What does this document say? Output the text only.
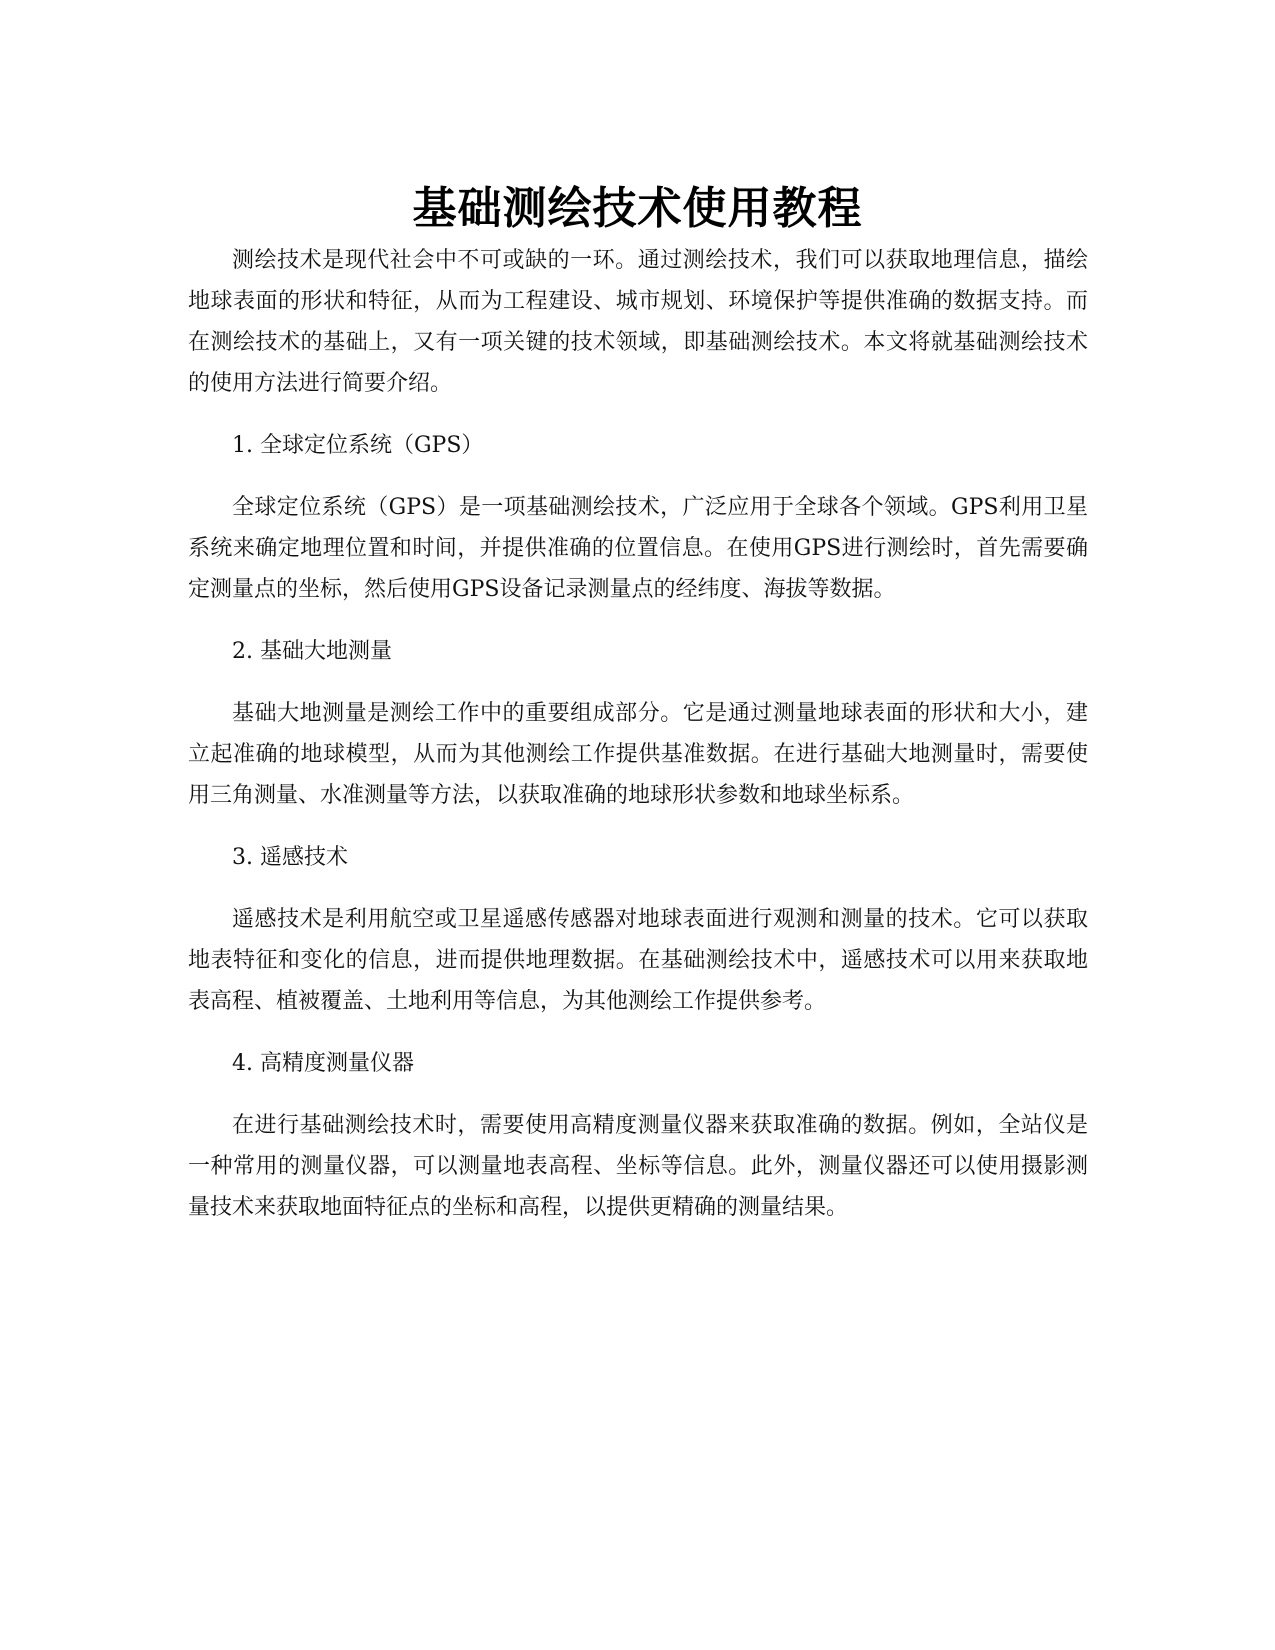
基础测绘技术使用教程

测绘技术是现代社会中不可或缺的一环。通过测绘技术，我们可以获取地理信息，描绘地球表面的形状和特征，从而为工程建设、城市规划、环境保护等提供准确的数据支持。而在测绘技术的基础上，又有一项关键的技术领域，即基础测绘技术。本文将就基础测绘技术的使用方法进行简要介绍。

1. 全球定位系统（GPS）

全球定位系统（GPS）是一项基础测绘技术，广泛应用于全球各个领域。GPS利用卫星系统来确定地理位置和时间，并提供准确的位置信息。在使用GPS进行测绘时，首先需要确定测量点的坐标，然后使用GPS设备记录测量点的经纬度、海拔等数据。

2. 基础大地测量

基础大地测量是测绘工作中的重要组成部分。它是通过测量地球表面的形状和大小，建立起准确的地球模型，从而为其他测绘工作提供基准数据。在进行基础大地测量时，需要使用三角测量、水准测量等方法，以获取准确的地球形状参数和地球坐标系。

3. 遥感技术

遥感技术是利用航空或卫星遥感传感器对地球表面进行观测和测量的技术。它可以获取地表特征和变化的信息，进而提供地理数据。在基础测绘技术中，遥感技术可以用来获取地表高程、植被覆盖、土地利用等信息，为其他测绘工作提供参考。

4. 高精度测量仪器

在进行基础测绘技术时，需要使用高精度测量仪器来获取准确的数据。例如，全站仪是一种常用的测量仪器，可以测量地表高程、坐标等信息。此外，测量仪器还可以使用摄影测量技术来获取地面特征点的坐标和高程，以提供更精确的测量结果。
